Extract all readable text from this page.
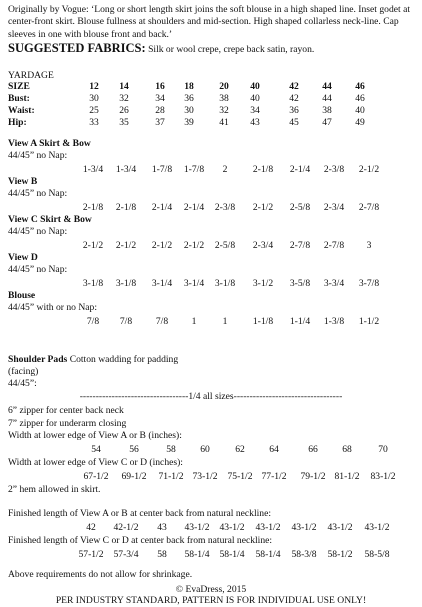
Originally by Vogue: ‘Long or short length skirt joins the soft blouse in a high shaped line. Inset godet at center-front skirt. Blouse fullness at shoulders and mid-section. High shaped collarless neck-line. Cap sleeves in one with blouse front and back.’
SUGGESTED FABRICS: Silk or wool crepe, crepe back satin, rayon.
YARDAGE
SIZE	12	14	16	18	20	40	42	44	46
Bust:	30	32	34	36	38	40	42	44	46
Waist:	25	26	28	30	32	34	36	38	40
Hip:	33	35	37	39	41	43	45	47	49
View A Skirt & Bow
44/45” no Nap:
1-3/4	1-3/4	1-7/8	1-7/8	2	2-1/8	2-1/4	2-3/8	2-1/2
View B
44/45” no Nap:
2-1/8	2-1/8	2-1/4	2-1/4	2-3/8	2-1/2	2-5/8	2-3/4	2-7/8
View C Skirt & Bow
44/45” no Nap:
2-1/2	2-1/2	2-1/2	2-1/2	2-5/8	2-3/4	2-7/8	2-7/8	3
View D
44/45” no Nap:
3-1/8	3-1/8	3-1/4	3-1/4	3-1/8	3-1/2	3-5/8	3-3/4	3-7/8
Blouse
44/45” with or no Nap:
7/8	7/8	7/8	1	1	1-1/8	1-1/4	1-3/8	1-1/2
Shoulder Pads Cotton wadding for padding
(facing)
44/45”:
----------------------------------1/4 all sizes----------------------------------
6” zipper for center back neck
7” zipper for underarm closing
Width at lower edge of View A or B (inches):
54	56	58	60	62	64	66	68	70
Width at lower edge of View C or D (inches):
67-1/2	69-1/2	71-1/2 73-1/2	75-1/2 77-1/2	79-1/2 81-1/2	83-1/2
2” hem allowed in skirt.
Finished length of View A or B at center back from natural neckline:
42	42-1/2	43	43-1/2	43-1/2	43-1/2	43-1/2	43-1/2	43-1/2
Finished length of View C or D at center back from natural neckline:
57-1/2	57-3/4	58	58-1/4	58-1/4	58-1/4	58-3/8	58-1/2	58-5/8
Above requirements do not allow for shrinkage.
© EvaDress, 2015
PER INDUSTRY STANDARD, PATTERN IS FOR INDIVIDUAL USE ONLY!
